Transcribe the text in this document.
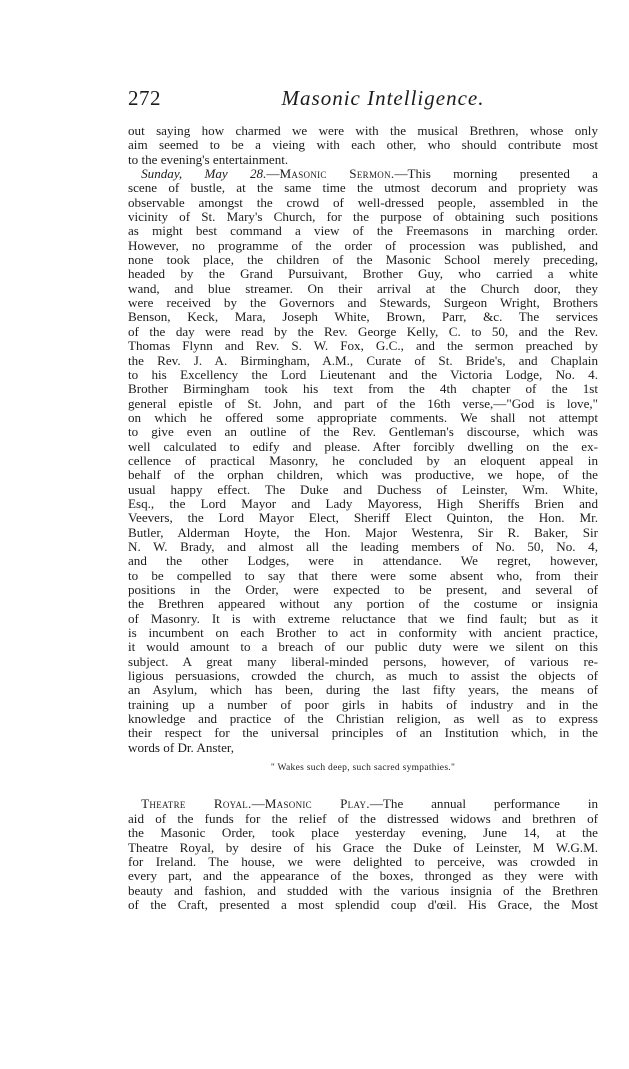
272	Masonic Intelligence.

out saying how charmed we were with the musical Brethren, whose only
aim seemed to be a vieing with each other, who should contribute most
to the evening's entertainment.

 Sunday, May 28.—Masonic Sermon.—This morning presented a
scene of bustle, at the same time the utmost decorum and propriety was
observable amongst the crowd of well-dressed people, assembled in the
vicinity of St. Mary's Church, for the purpose of obtaining such positions
as might best command a view of the Freemasons in marching order.
However, no programme of the order of procession was published, and
none took place, the children of the Masonic School merely preceding,
headed by the Grand Pursuivant, Brother Guy, who carried a white
wand, and blue streamer. On their arrival at the Church door, they
were received by the Governors and Stewards, Surgeon Wright, Brothers
Benson, Keck, Mara, Joseph White, Brown, Parr, &c. The services
of the day were read by the Rev. George Kelly, C. to 50, and the Rev.
Thomas Flynn and Rev. S. W. Fox, G.C., and the sermon preached by
the Rev. J. A. Birmingham, A.M., Curate of St. Bride's, and Chaplain
to his Excellency the Lord Lieutenant and the Victoria Lodge, No. 4.
Brother Birmingham took his text from the 4th chapter of the 1st
general epistle of St. John, and part of the 16th verse,—"God is love,"
on which he offered some appropriate comments. We shall not attempt
to give even an outline of the Rev. Gentleman's discourse, which was
well calculated to edify and please. After forcibly dwelling on the ex-
cellence of practical Masonry, he concluded by an eloquent appeal in
behalf of the orphan children, which was productive, we hope, of the
usual happy effect. The Duke and Duchess of Leinster, Wm. White,
Esq., the Lord Mayor and Lady Mayoress, High Sheriffs Brien and
Veevers, the Lord Mayor Elect, Sheriff Elect Quinton, the Hon. Mr.
Butler, Alderman Hoyte, the Hon. Major Westenra, Sir R. Baker, Sir
N. W. Brady, and almost all the leading members of No. 50, No. 4,
and the other Lodges, were in attendance. We regret, however,
to be compelled to say that there were some absent who, from their
positions in the Order, were expected to be present, and several of
the Brethren appeared without any portion of the costume or insignia
of Masonry. It is with extreme reluctance that we find fault; but as it
is incumbent on each Brother to act in conformity with ancient practice,
it would amount to a breach of our public duty were we silent on this
subject. A great many liberal-minded persons, however, of various re-
ligious persuasions, crowded the church, as much to assist the objects of
an Asylum, which has been, during the last fifty years, the means of
training up a number of poor girls in habits of industry and in the
knowledge and practice of the Christian religion, as well as to express
their respect for the universal principles of an Institution which, in the
words of Dr. Anster,

" Wakes such deep, such sacred sympathies."

 Theatre Royal.—Masonic Play.—The annual performance in
aid of the funds for the relief of the distressed widows and brethren of
the Masonic Order, took place yesterday evening, June 14, at the
Theatre Royal, by desire of his Grace the Duke of Leinster, M W.G.M.
for Ireland. The house, we were delighted to perceive, was crowded in
every part, and the appearance of the boxes, thronged as they were with
beauty and fashion, and studded with the various insignia of the Brethren
of the Craft, presented a most splendid coup d'œil. His Grace, the Most
